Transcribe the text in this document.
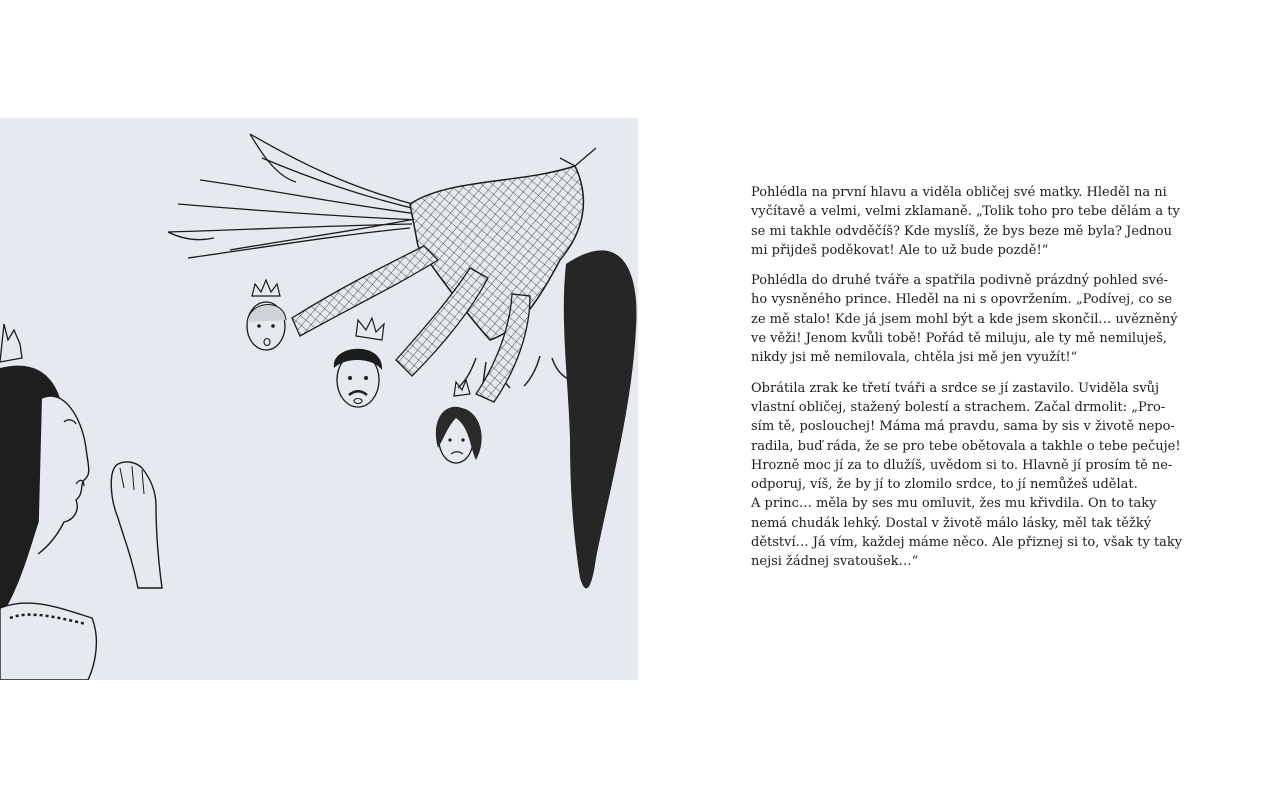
Pohlédla na první hlavu a viděla obličej své matky. Hleděl na ni
vyčítavě a velmi, velmi zklamaně. „Tolik toho pro tebe dělám a ty
se mi takhle odvděčíš? Kde myslíš, že bys beze mě byla? Jednou
mi přijdeš poděkovat! Ale to už bude pozdě!“

Pohlédla do druhé tváře a spatřila podivně prázdný pohled své-
ho vysněného prince. Hleděl na ni s opovržením. „Podívej, co se
ze mě stalo! Kde já jsem mohl být a kde jsem skončil… uvězněný
ve věži! Jenom kvůli tobě! Pořád tě miluju, ale ty mě nemiluješ,
nikdy jsi mě nemilovala, chtěla jsi mě jen využít!“

Obrátila zrak ke třetí tváři a srdce se jí zastavilo. Uviděla svůj
vlastní obličej, stažený bolestí a strachem. Začal drmolit: „Pro-
sím tě, poslouchej! Máma má pravdu, sama by sis v životě nepo-
radila, buď ráda, že se pro tebe obětovala a takhle o tebe pečuje!
Hrozně moc jí za to dlužíš, uvědom si to. Hlavně jí prosím tě ne-
odporuj, víš, že by jí to zlomilo srdce, to jí nemůžeš udělat.
A princ… měla by ses mu omluvit, žes mu křivdila. On to taky
nemá chudák lehký. Dostal v životě málo lásky, měl tak těžký
dětství… Já vím, každej máme něco. Ale přiznej si to, však ty taky
nejsi žádnej svatoušek…“
